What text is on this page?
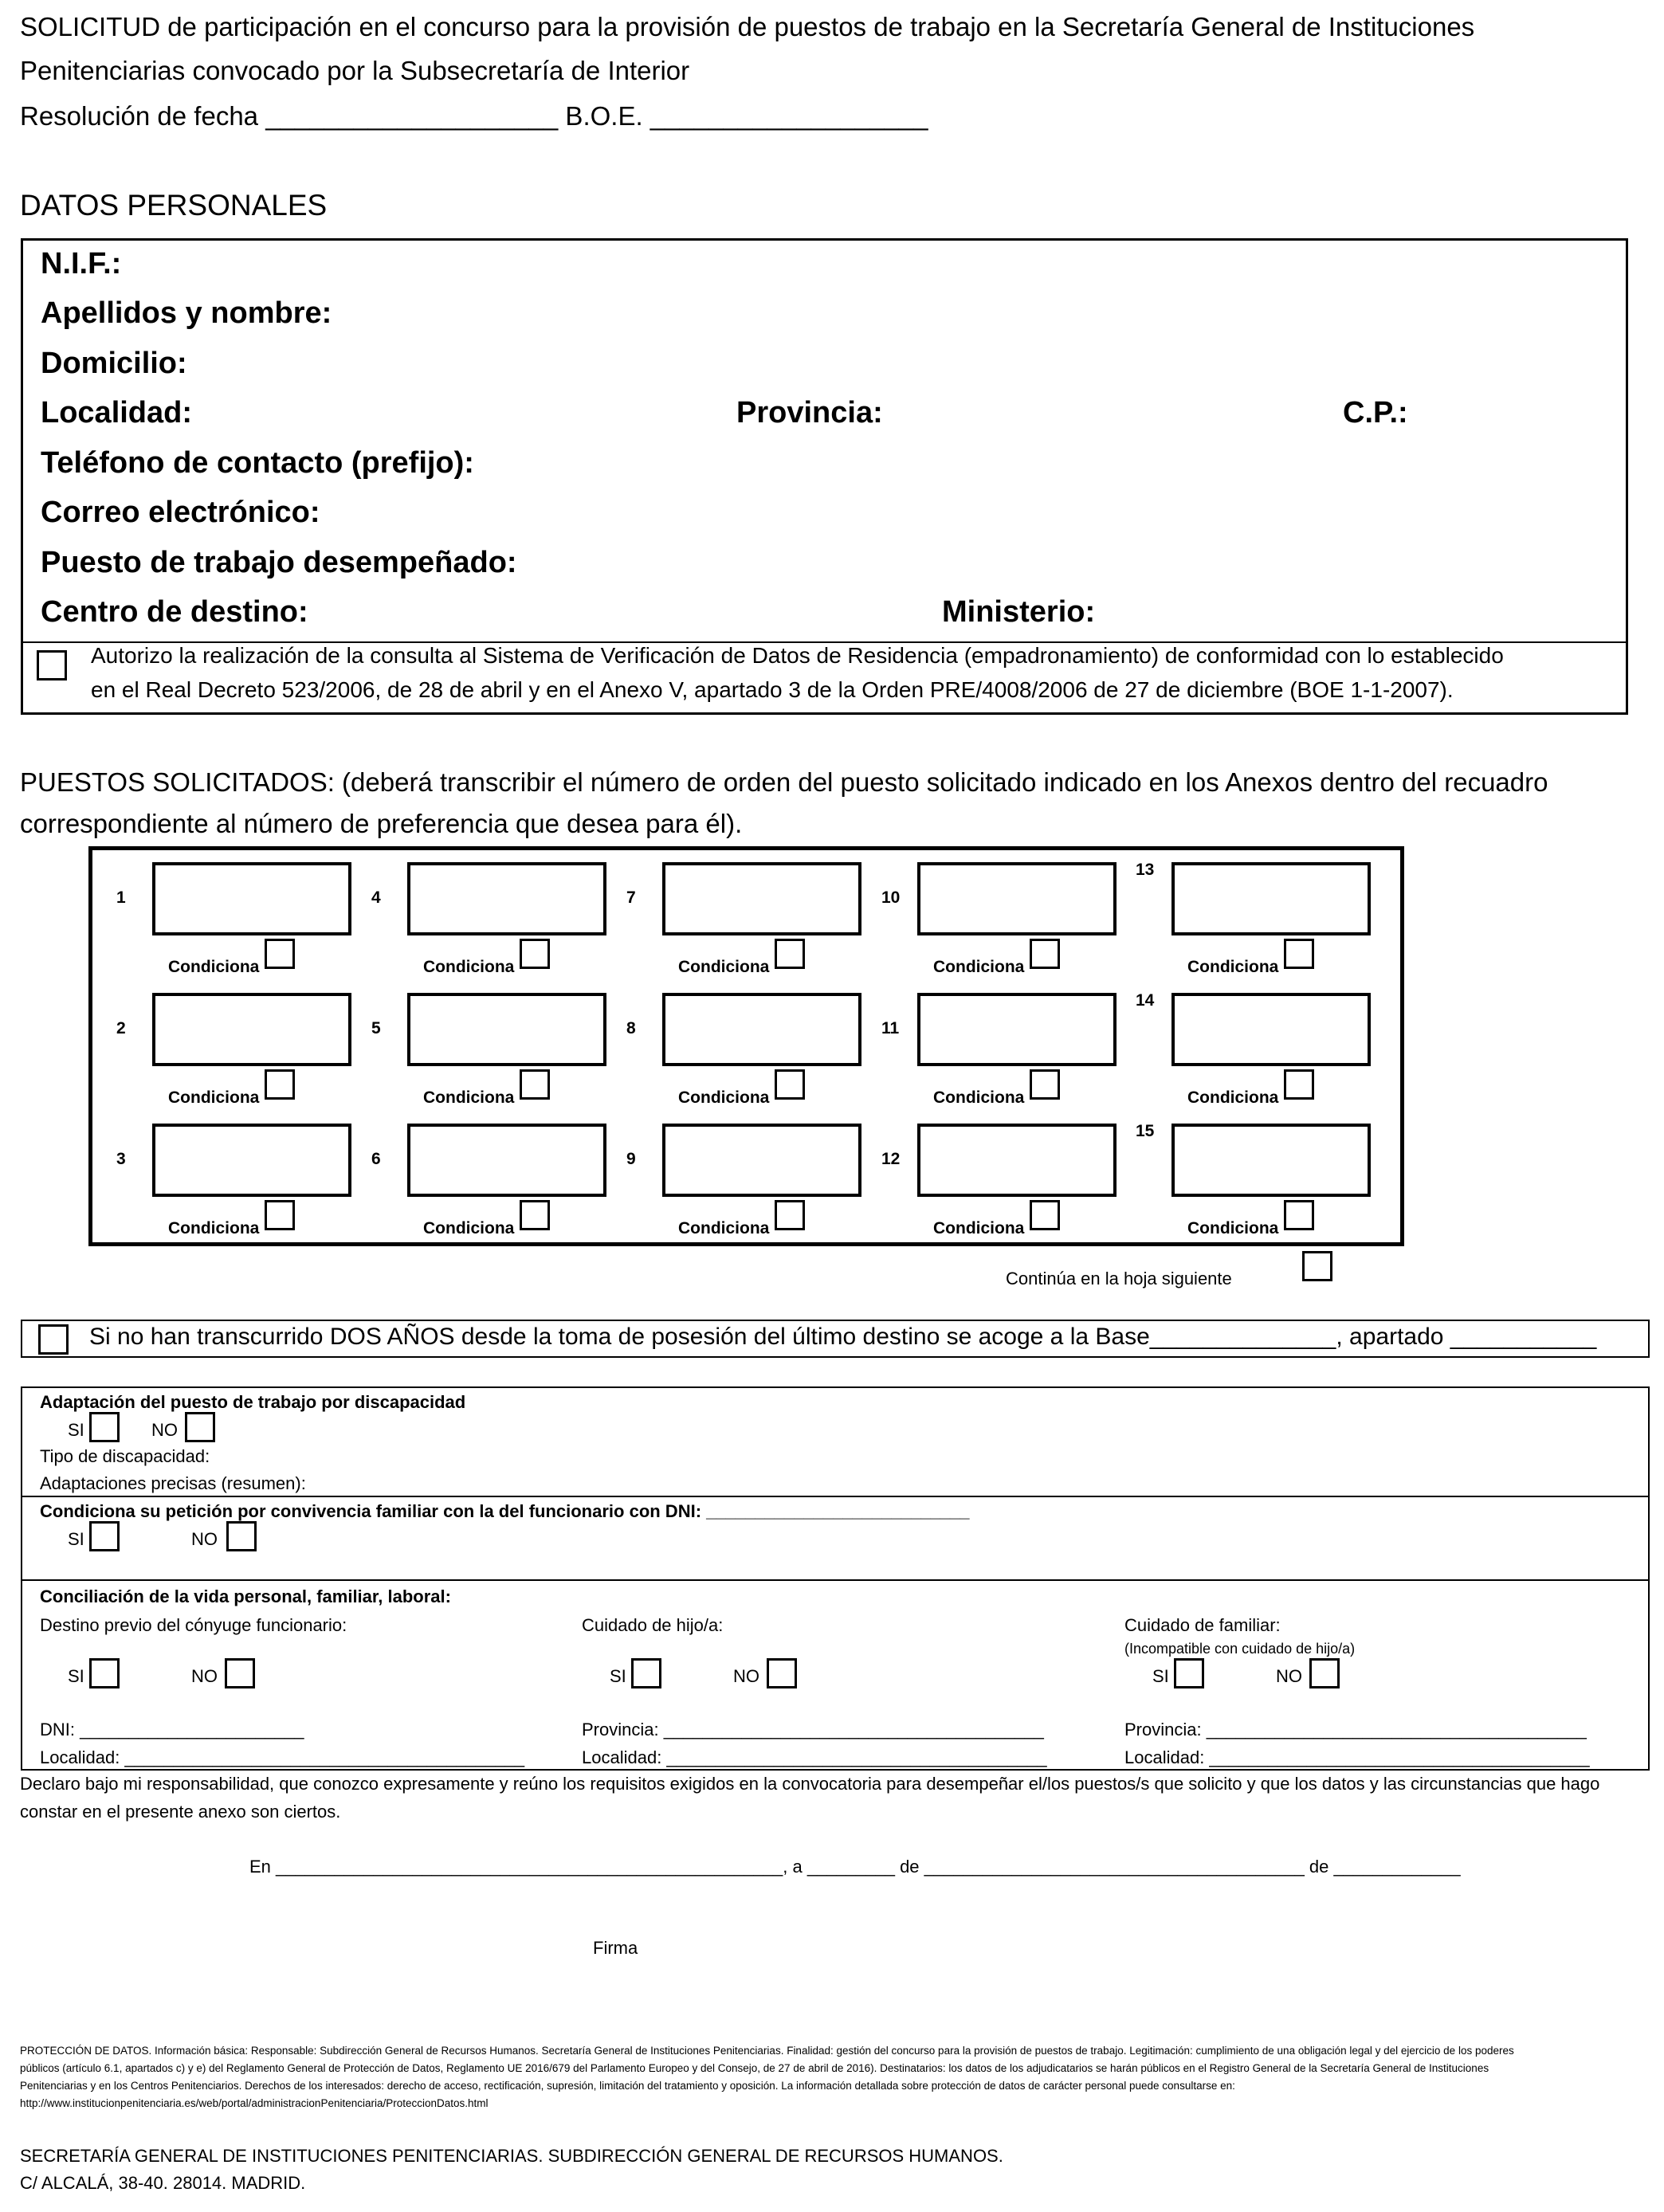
SOLICITUD de participación en el concurso para la provisión de puestos de trabajo en la Secretaría General de Instituciones
Penitenciarias convocado por la Subsecretaría de Interior
Resolución de fecha ____________________ B.O.E. ___________________
DATOS PERSONALES
N.I.F.:
Apellidos y nombre:
Domicilio:
Localidad:	Provincia:	C.P.:
Teléfono de contacto (prefijo):
Correo electrónico:
Puesto de trabajo desempeñado:
Centro de destino:	Ministerio:
Autorizo la realización de la consulta al Sistema de Verificación de Datos de Residencia (empadronamiento) de conformidad con lo establecido
en el Real Decreto 523/2006, de 28 de abril y en el Anexo V, apartado 3 de la Orden PRE/4008/2006 de 27 de diciembre (BOE 1-1-2007).
PUESTOS SOLICITADOS: (deberá transcribir el número de orden del puesto solicitado indicado en los Anexos dentro del recuadro
correspondiente al número de preferencia que desea para él).
1
Condiciona
4
Condiciona
7
Condiciona
10
Condiciona
13
Condiciona
2
Condiciona
5
Condiciona
8
Condiciona
11
Condiciona
14
Condiciona
3
Condiciona
6
Condiciona
9
Condiciona
12
Condiciona
15
Condiciona
Continúa en la hoja siguiente
Si no han transcurrido DOS AÑOS desde la toma de posesión del último destino se acoge a la Base______________, apartado ___________
Adaptación del puesto de trabajo por discapacidad
SI	NO
Tipo de discapacidad:
Adaptaciones precisas (resumen):
Condiciona su petición por convivencia familiar con la del funcionario con DNI: ___________________________
SI	NO
Conciliación de la vida personal, familiar, laboral:
Destino previo del cónyuge funcionario:	Cuidado de hijo/a:	Cuidado de familiar:
(Incompatible con cuidado de hijo/a)
SI	NO	SI	NO	SI	NO
DNI: _______________________
Localidad: _________________________________________
Provincia: _______________________________________
Localidad: _______________________________________
Provincia: _______________________________________
Localidad: _______________________________________
Declaro bajo mi responsabilidad, que conozco expresamente y reúno los requisitos exigidos en la convocatoria para desempeñar el/los puestos/s que solicito y que los datos y las circunstancias que hago
constar en el presente anexo son ciertos.
En ____________________________________________________, a _________ de _______________________________________ de _____________
Firma
PROTECCIÓN DE DATOS. Información básica: Responsable: Subdirección General de Recursos Humanos. Secretaría General de Instituciones Penitenciarias. Finalidad: gestión del concurso para la provisión de puestos de trabajo. Legitimación: cumplimiento de una obligación legal y del ejercicio de los poderes
públicos (artículo 6.1, apartados c) y e) del Reglamento General de Protección de Datos, Reglamento UE 2016/679 del Parlamento Europeo y del Consejo, de 27 de abril de 2016). Destinatarios: los datos de los adjudicatarios se harán públicos en el Registro General de la Secretaría General de Instituciones
Penitenciarias y en los Centros Penitenciarios. Derechos de los interesados: derecho de acceso, rectificación, supresión, limitación del tratamiento y oposición. La información detallada sobre protección de datos de carácter personal puede consultarse en:
http://www.institucionpenitenciaria.es/web/portal/administracionPenitenciaria/ProteccionDatos.html
SECRETARÍA GENERAL DE INSTITUCIONES PENITENCIARIAS. SUBDIRECCIÓN GENERAL DE RECURSOS HUMANOS.
C/ ALCALÁ, 38-40. 28014. MADRID.
